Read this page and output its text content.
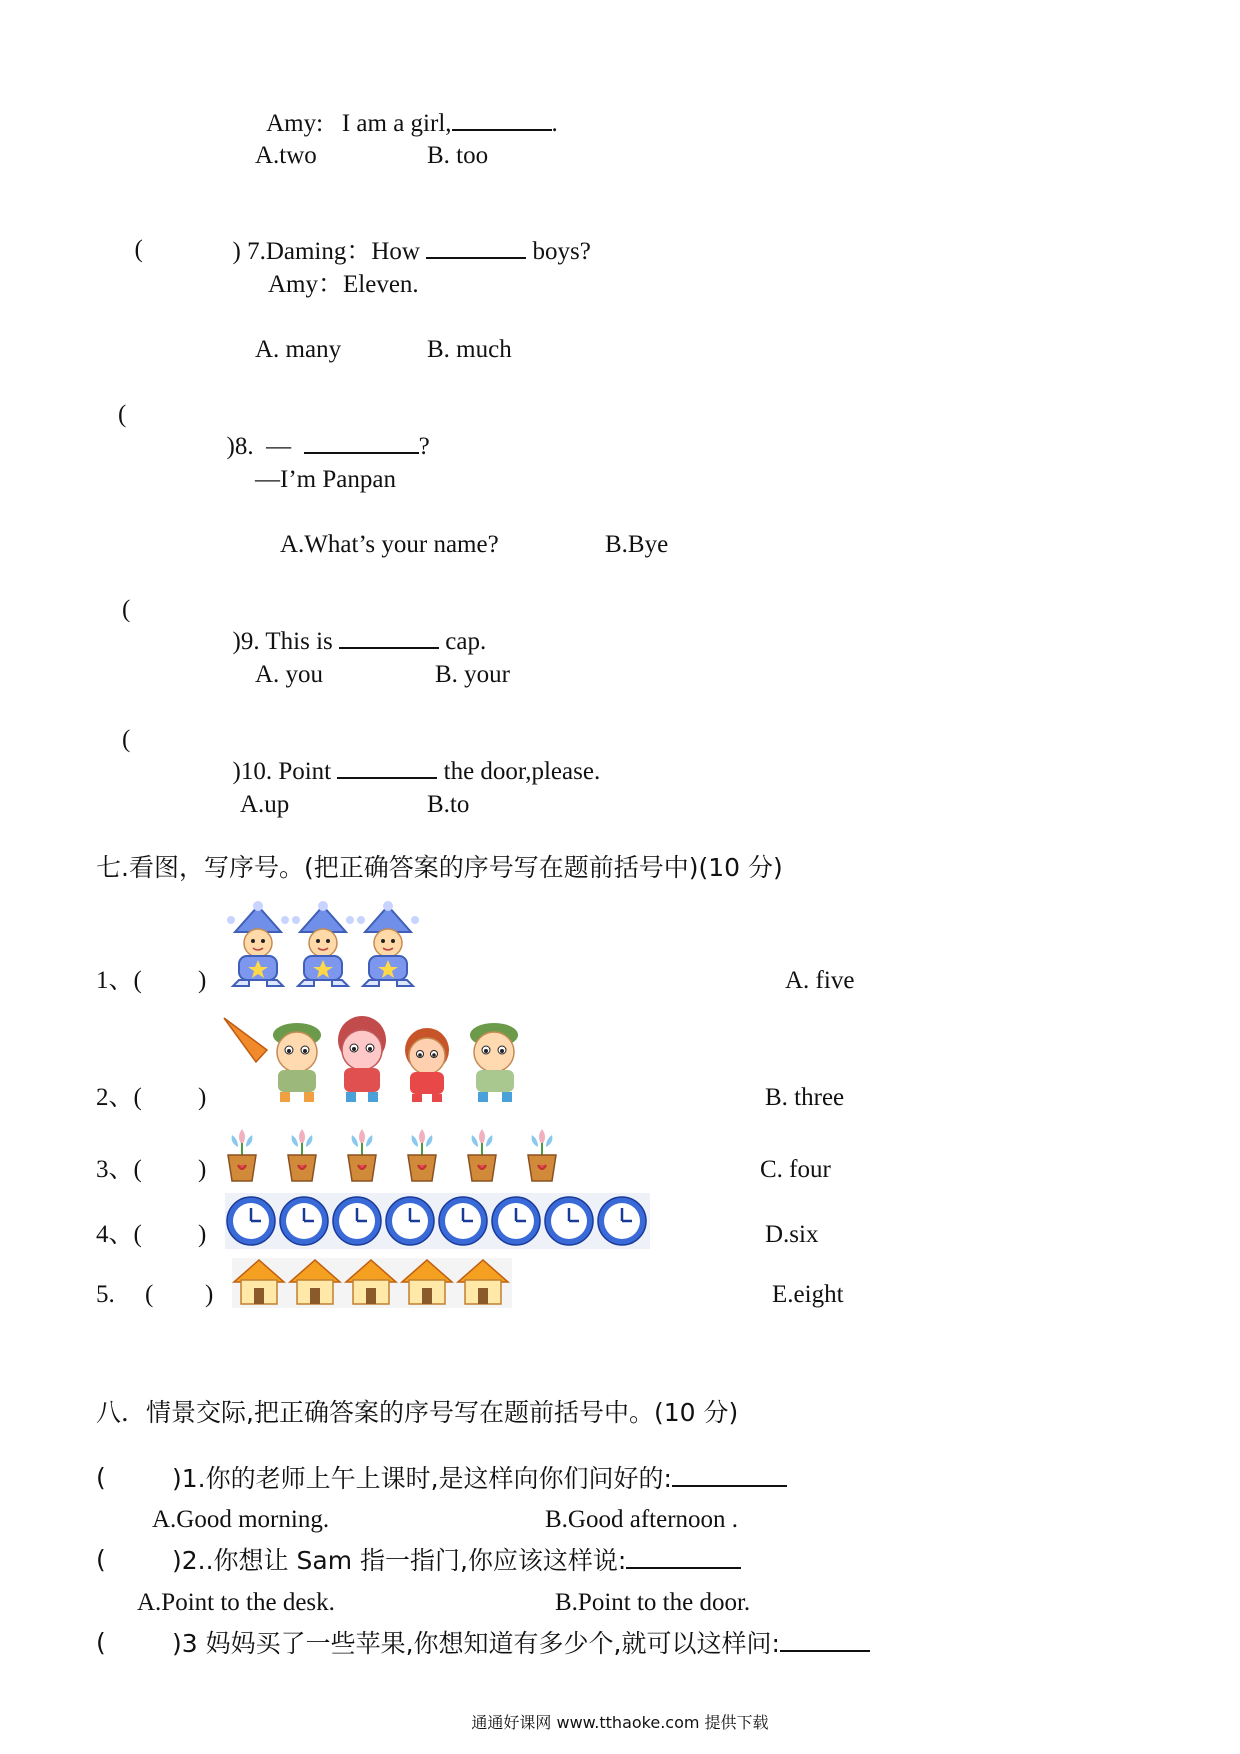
Amy: I am a girl,	.

A.two	B. too

(	) 7.Daming：How	boys?

Amy：Eleven.
A. many	B. much
(

)8. —	?

—I’m Panpan
A.What’s your name?	B.Bye
(

)9. This is	cap.

A. you	B. your
(

)10. Point	the door,please.

A.up	B.to
七.看图，写序号。(把正确答案的序号写在题前括号中)(10 分)
1、( )	A. five
2、( )	B. three
3、( )	C. four
4、( )	D.six
5. ( )	E.eight
八．情景交际,把正确答案的序号写在题前括号中。(10 分)
(	)1.你的老师上午上课时,是这样向你们问好的:
A.Good morning.	B.Good afternoon .
(	)2..你想让 Sam 指一指门,你应该这样说:
A.Point to the desk.	B.Point to the door.
(	)3 妈妈买了一些苹果,你想知道有多少个,就可以这样问:
通通好课网 www.tthaoke.com 提供下载
